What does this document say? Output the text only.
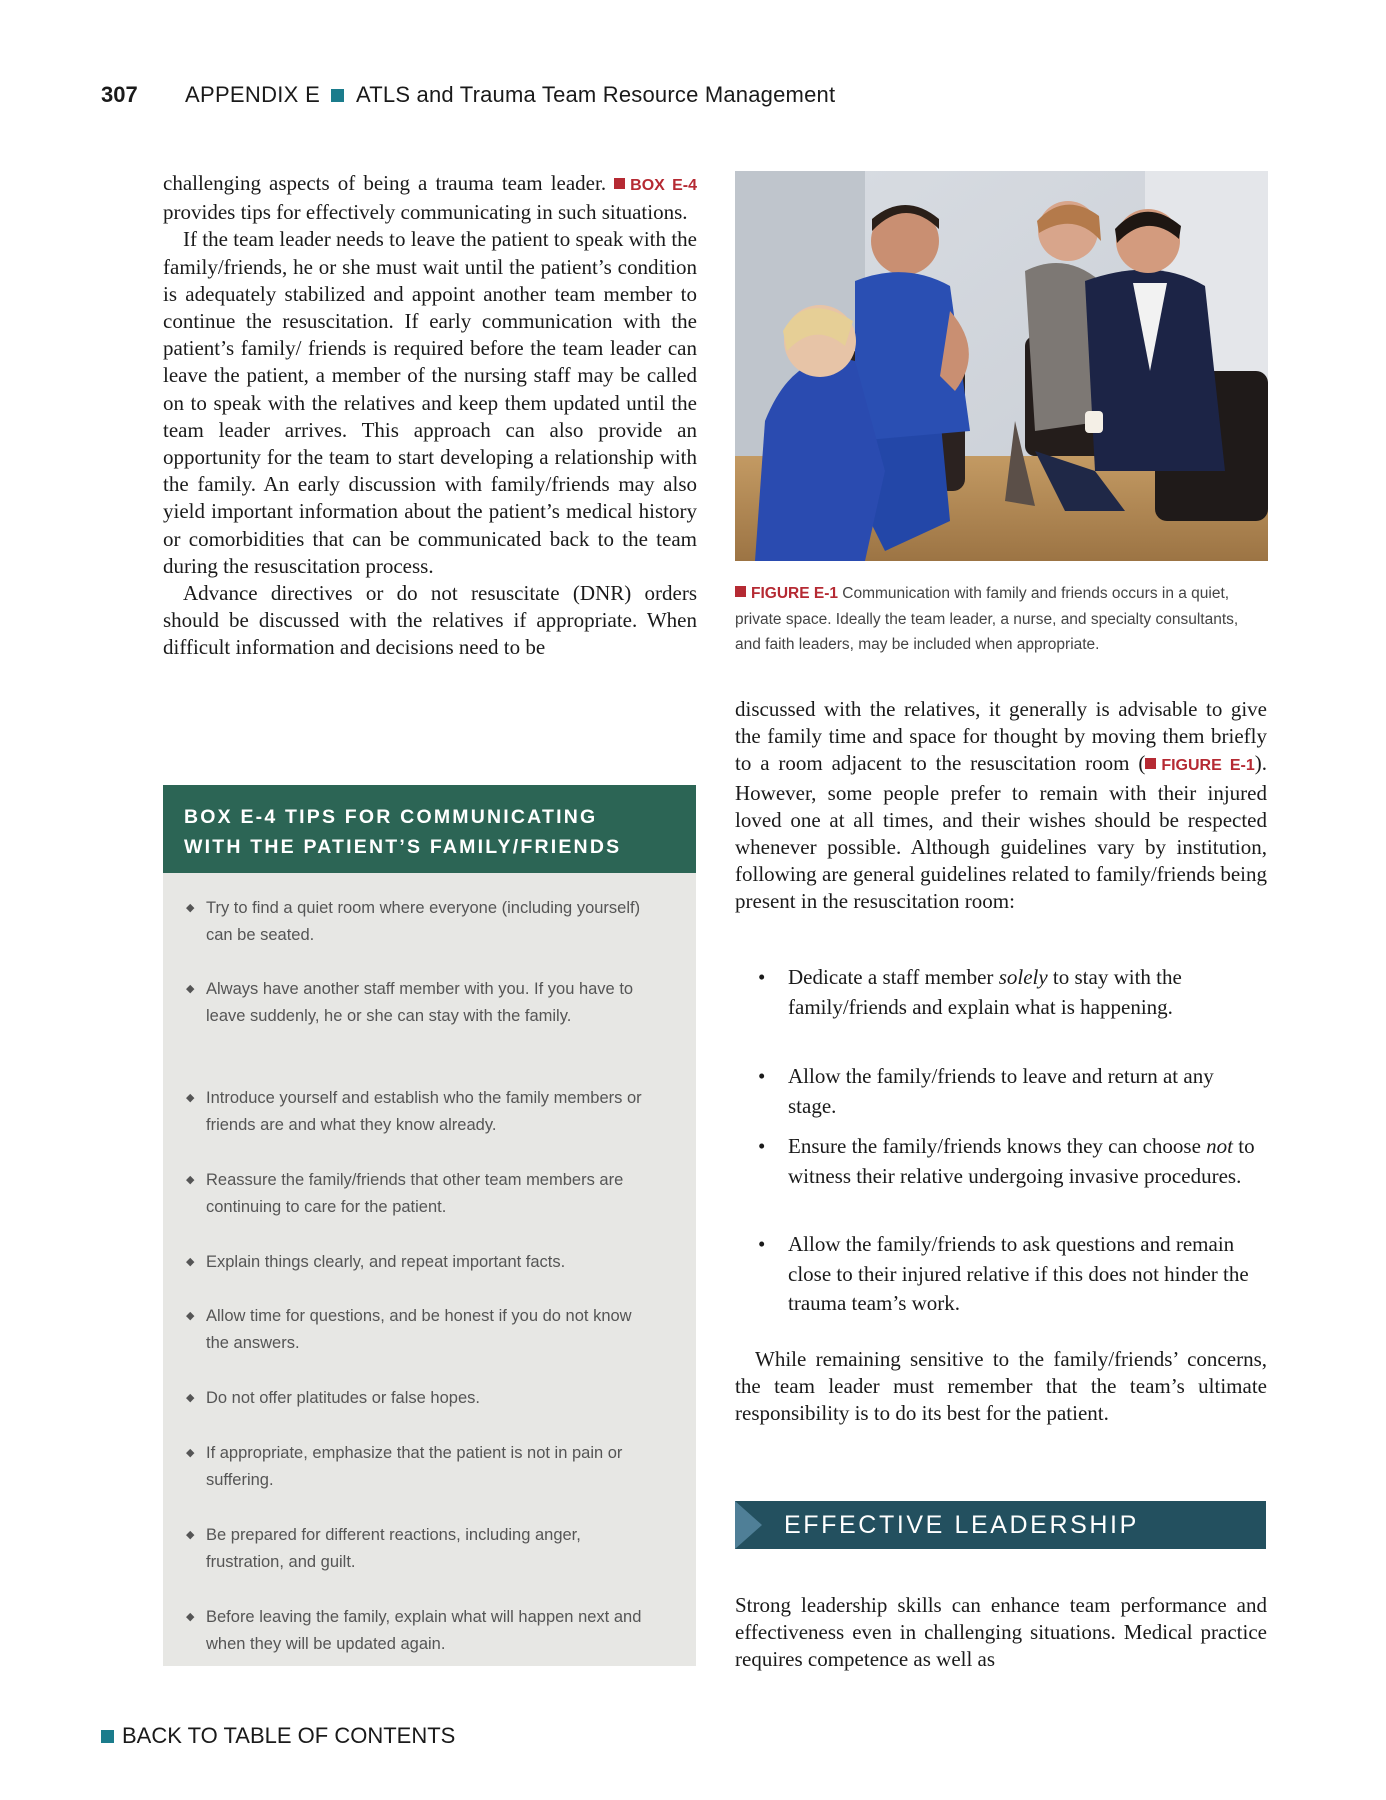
307	APPENDIX E ATLS and Trauma Team Resource Management

challenging aspects of being a trauma team leader. BOX E-4 provides tips for effectively communicating in such situations.

If the team leader needs to leave the patient to speak with the family/friends, he or she must wait until the patient’s condition is adequately stabilized and appoint another team member to continue the resuscitation. If early communication with the patient’s family/ friends is required before the team leader can leave the patient, a member of the nursing staff may be called on to speak with the relatives and keep them updated until the team leader arrives. This approach can also provide an opportunity for the team to start developing a relationship with the family. An early discussion with family/friends may also yield important information about the patient’s medical history or comorbidities that can be communicated back to the team during the resuscitation process.

Advance directives or do not resuscitate (DNR) orders should be discussed with the relatives if appropriate. When difficult information and decisions need to be

FIGURE E-1 Communication with family and friends occurs in a quiet, private space. Ideally the team leader, a nurse, and specialty consultants, and faith leaders, may be included when appropriate.
BOX E-4 TIPS FOR COMMUNICATING
WITH THE PATIENT’S FAMILY/FRIENDS
◆ Try to find a quiet room where everyone (including yourself) can be seated.
◆ Always have another staff member with you. If you have to leave suddenly, he or she can stay with the family.
◆ Introduce yourself and establish who the family members or friends are and what they know already.
◆ Reassure the family/friends that other team members are continuing to care for the patient.
◆ Explain things clearly, and repeat important facts.
◆ Allow time for questions, and be honest if you do not know the answers.
◆ Do not offer platitudes or false hopes.
◆ If appropriate, emphasize that the patient is not in pain or suffering.
◆ Be prepared for different reactions, including anger, frustration, and guilt.
◆ Before leaving the family, explain what will happen next and when they will be updated again.

discussed with the relatives, it generally is advisable to give the family time and space for thought by moving them briefly to a room adjacent to the resuscitation room ( FIGURE E-1). However, some people prefer to remain with their injured loved one at all times, and their wishes should be respected whenever possible. Although guidelines vary by institution, following are general guidelines related to family/friends being present in the resuscitation room:

•	Dedicate a staff member solely to stay with the family/friends and explain what is happening.
•	Allow the family/friends to leave and return at any stage.
•	Ensure the family/friends knows they can choose not to witness their relative undergoing invasive procedures.
•	Allow the family/friends to ask questions and remain close to their injured relative if this does not hinder the trauma team’s work.

While remaining sensitive to the family/friends’ concerns, the team leader must remember that the team’s ultimate responsibility is to do its best for the patient.

EFFECTIVE LEADERSHIP

Strong leadership skills can enhance team performance and effectiveness even in challenging situations. Medical practice requires competence as well as

BACK TO TABLE OF CONTENTS
